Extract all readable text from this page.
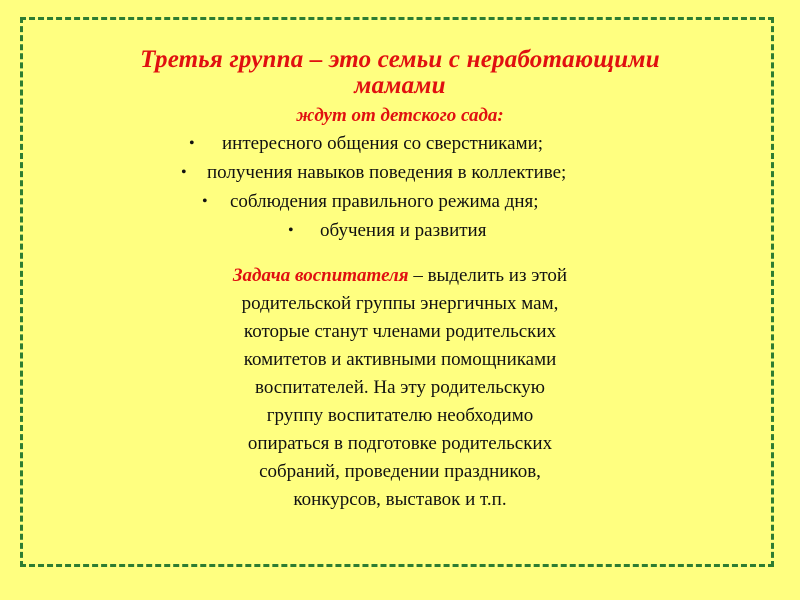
Третья группа – это семьи с неработающими
мамами
ждут от детского сада:
• интересного общения со сверстниками;
• получения навыков поведения в коллективе;
• соблюдения правильного режима дня;
• обучения и развития
Задача воспитателя – выделить из этой
родительской группы энергичных мам,
которые станут членами родительских
комитетов и активными помощниками
воспитателей. На эту родительскую
группу воспитателю необходимо
опираться в подготовке родительских
собраний, проведении праздников,
конкурсов, выставок и т.п.
